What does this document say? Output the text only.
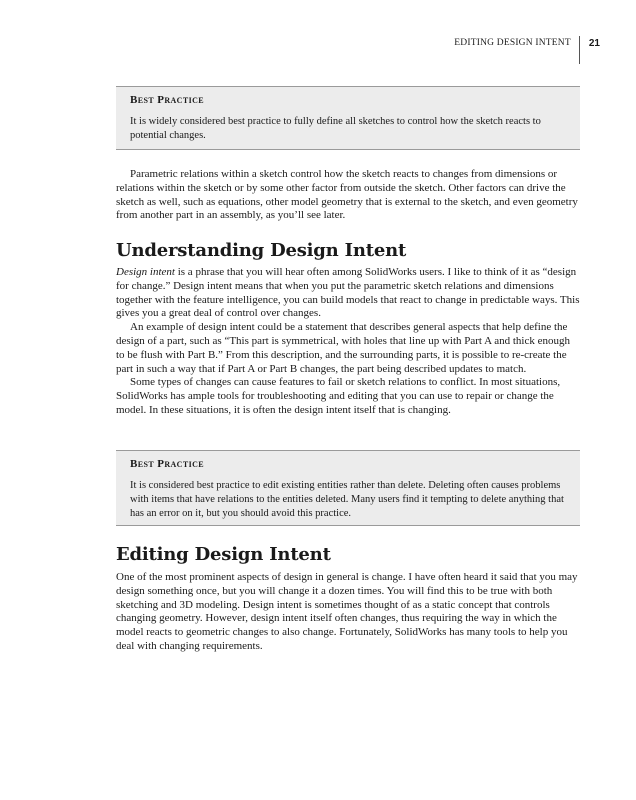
EDITING DESIGN INTENT	21

Best Practice

It is widely considered best practice to fully define all sketches to control how the sketch reacts to potential changes.

Parametric relations within a sketch control how the sketch reacts to changes from dimensions or relations within the sketch or by some other factor from outside the sketch. Other factors can drive the sketch as well, such as equations, other model geometry that is external to the sketch, and even geometry from another part in an assembly, as you’ll see later.

Understanding Design Intent

Design intent is a phrase that you will hear often among SolidWorks users. I like to think of it as “design for change.” Design intent means that when you put the parametric sketch relations and dimensions together with the feature intelligence, you can build models that react to change in predictable ways. This gives you a great deal of control over changes.

An example of design intent could be a statement that describes general aspects that help define the design of a part, such as “This part is symmetrical, with holes that line up with Part A and thick enough to be flush with Part B.” From this description, and the surrounding parts, it is possible to re-create the part in such a way that if Part A or Part B changes, the part being described updates to match.

Some types of changes can cause features to fail or sketch relations to conflict. In most situations, SolidWorks has ample tools for troubleshooting and editing that you can use to repair or change the model. In these situations, it is often the design intent itself that is changing.

Best Practice

It is considered best practice to edit existing entities rather than delete. Deleting often causes problems with items that have relations to the entities deleted. Many users find it tempting to delete anything that has an error on it, but you should avoid this practice.

Editing Design Intent

One of the most prominent aspects of design in general is change. I have often heard it said that you may design something once, but you will change it a dozen times. You will find this to be true with both sketching and 3D modeling. Design intent is sometimes thought of as a static concept that controls changing geometry. However, design intent itself often changes, thus requiring the way in which the model reacts to geometric changes to also change. Fortunately, SolidWorks has many tools to help you deal with changing requirements.
